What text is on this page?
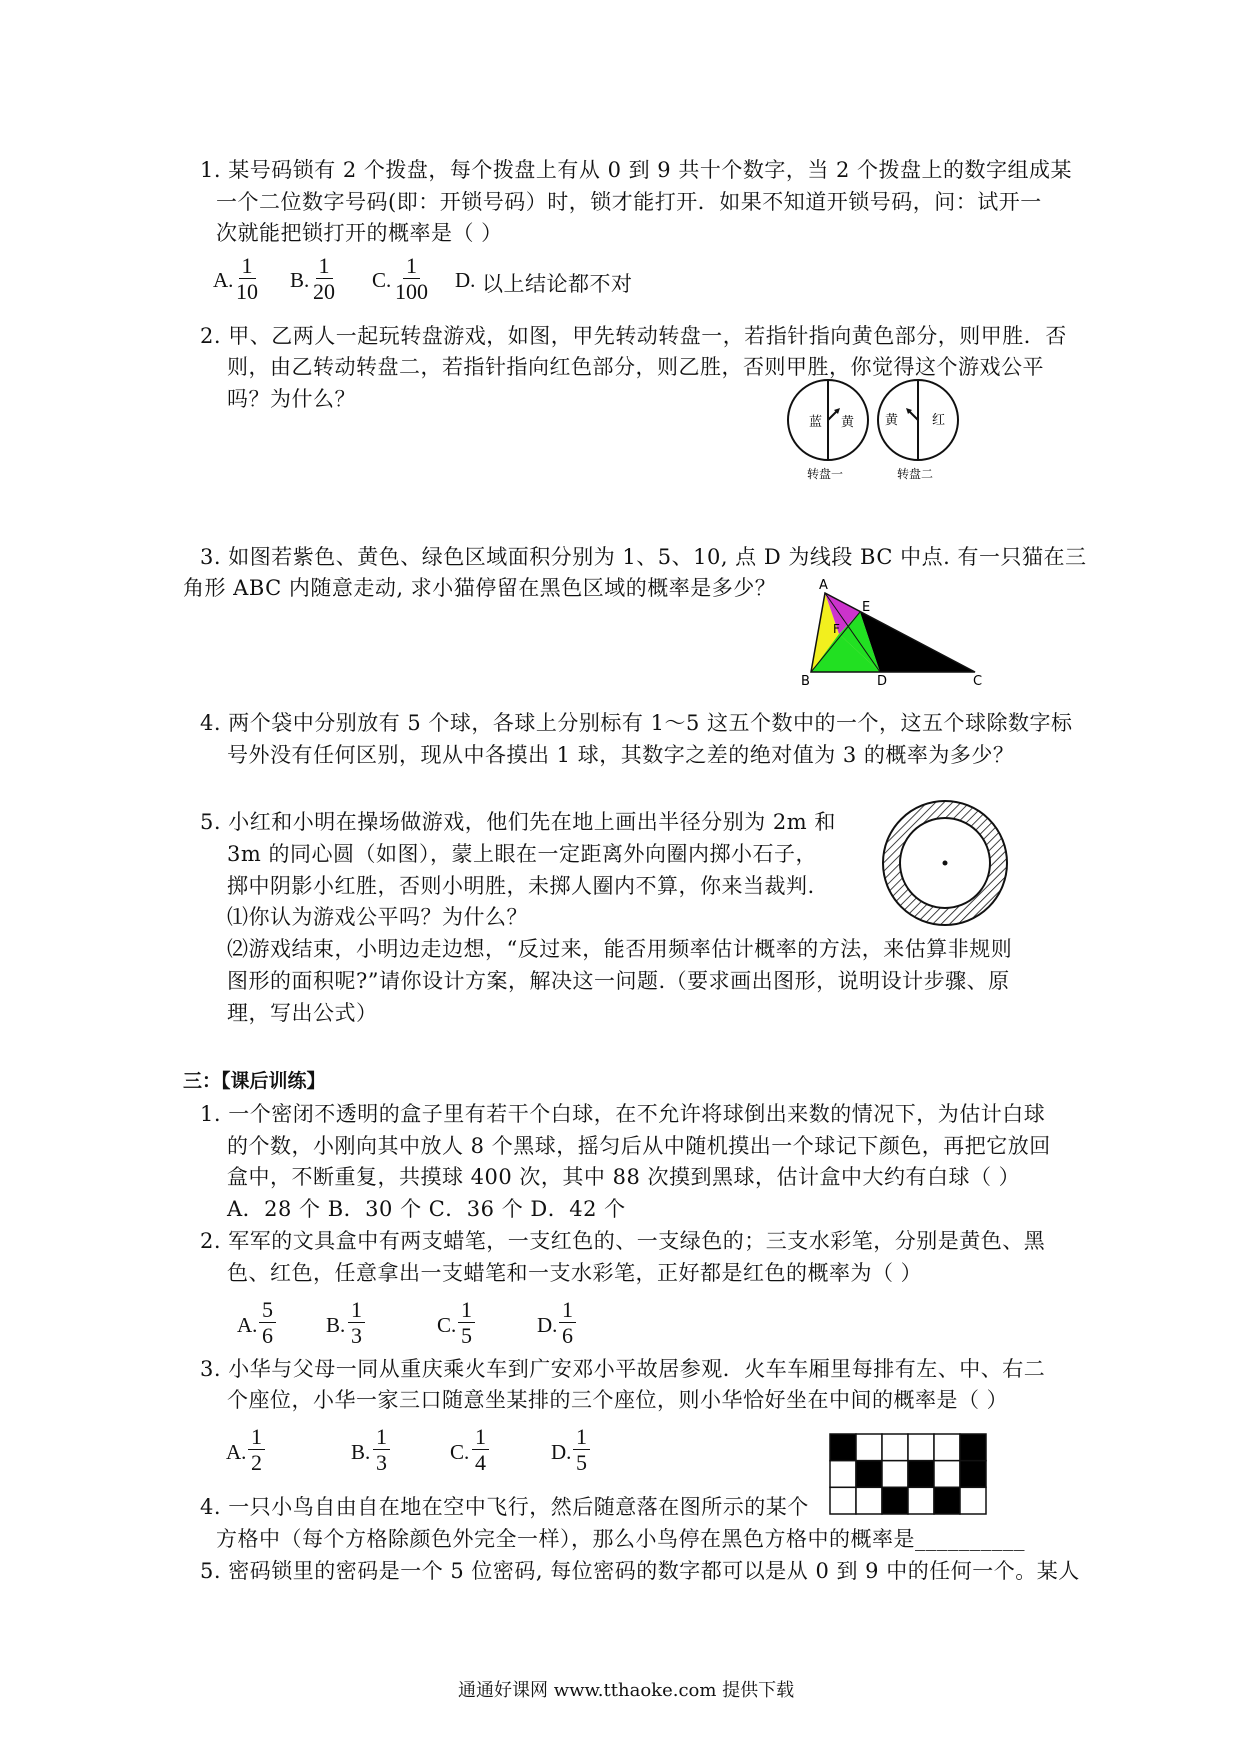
1. 某号码锁有 2 个拨盘，每个拨盘上有从 0 到 9 共十个数字，当 2 个拨盘上的数字组成某
一个二位数字号码(即：开锁号码）时，锁才能打开．如果不知道开锁号码，问：试开一
次就能把锁打开的概率是（ ）
A. $\frac{1}{10} B$. $\frac{1}{20} C$. $\frac{1}{100} D$. 以上结论都不对
2. 甲、乙两人一起玩转盘游戏，如图，甲先转动转盘一，若指针指向黄色部分，则甲胜．否
则，由乙转动转盘二，若指针指向红色部分，则乙胜，否则甲胜，你觉得这个游戏公平
吗？为什么？
蓝 黄
转盘一
黄	红
转盘二
3. 如图若紫色、黄色、绿色区域面积分别为 1、5、10, 点 D 为线段 BC 中点. 有一只猫在三
角形 ABC 内随意走动, 求小猫停留在黑色区域的概率是多少？	A
E
F
B	D	C
4. 两个袋中分别放有 5 个球，各球上分别标有 1～5 这五个数中的一个，这五个球除数字标
号外没有任何区别，现从中各摸出 1 球，其数字之差的绝对值为 3 的概率为多少？
5. 小红和小明在操场做游戏，他们先在地上画出半径分别为 2m 和
3m 的同心圆（如图），蒙上眼在一定距离外向圈内掷小石子，
掷中阴影小红胜，否则小明胜，未掷人圈内不算，你来当裁判.
⑴你认为游戏公平吗？为什么？
⑵游戏结束，小明边走边想，“反过来，能否用频率估计概率的方法，来估算非规则
图形的面积呢?”请你设计方案，解决这一问题.（要求画出图形，说明设计步骤、原
理，写出公式）
三：【课后训练】
1. 一个密闭不透明的盒子里有若干个白球，在不允许将球倒出来数的情况下，为估计白球
的个数，小刚向其中放人 8 个黑球，摇匀后从中随机摸出一个球记下颜色，再把它放回
盒中，不断重复，共摸球 400 次，其中 88 次摸到黑球，估计盒中大约有白球（ ）
A．28 个 B．30 个 C．36 个 D．42 个
2. 军军的文具盒中有两支蜡笔，一支红色的、一支绿色的；三支水彩笔，分别是黄色、黑
色、红色，任意拿出一支蜡笔和一支水彩笔，正好都是红色的概率为（ ）
A. $\frac{5}{6} B$. $\frac{1}{3}$	C. $\frac{1}{5}$	D. $\frac{1}{6}$
3. 小华与父母一同从重庆乘火车到广安邓小平故居参观．火车车厢里每排有左、中、右二
个座位，小华一家三口随意坐某排的三个座位，则小华恰好坐在中间的概率是（ ）
A. $\frac{1}{2}$	B. $\frac{1}{3}$	C. $\frac{1}{4}$	D. $\frac{1}{5}$
4. 一只小鸟自由自在地在空中飞行，然后随意落在图所示的某个
方格中（每个方格除颜色外完全一样），那么小鸟停在黑色方格中的概率是__________
5. 密码锁里的密码是一个 5 位密码, 每位密码的数字都可以是从 0 到 9 中的任何一个。某人
通通好课网 www.tthaoke.com 提供下载
